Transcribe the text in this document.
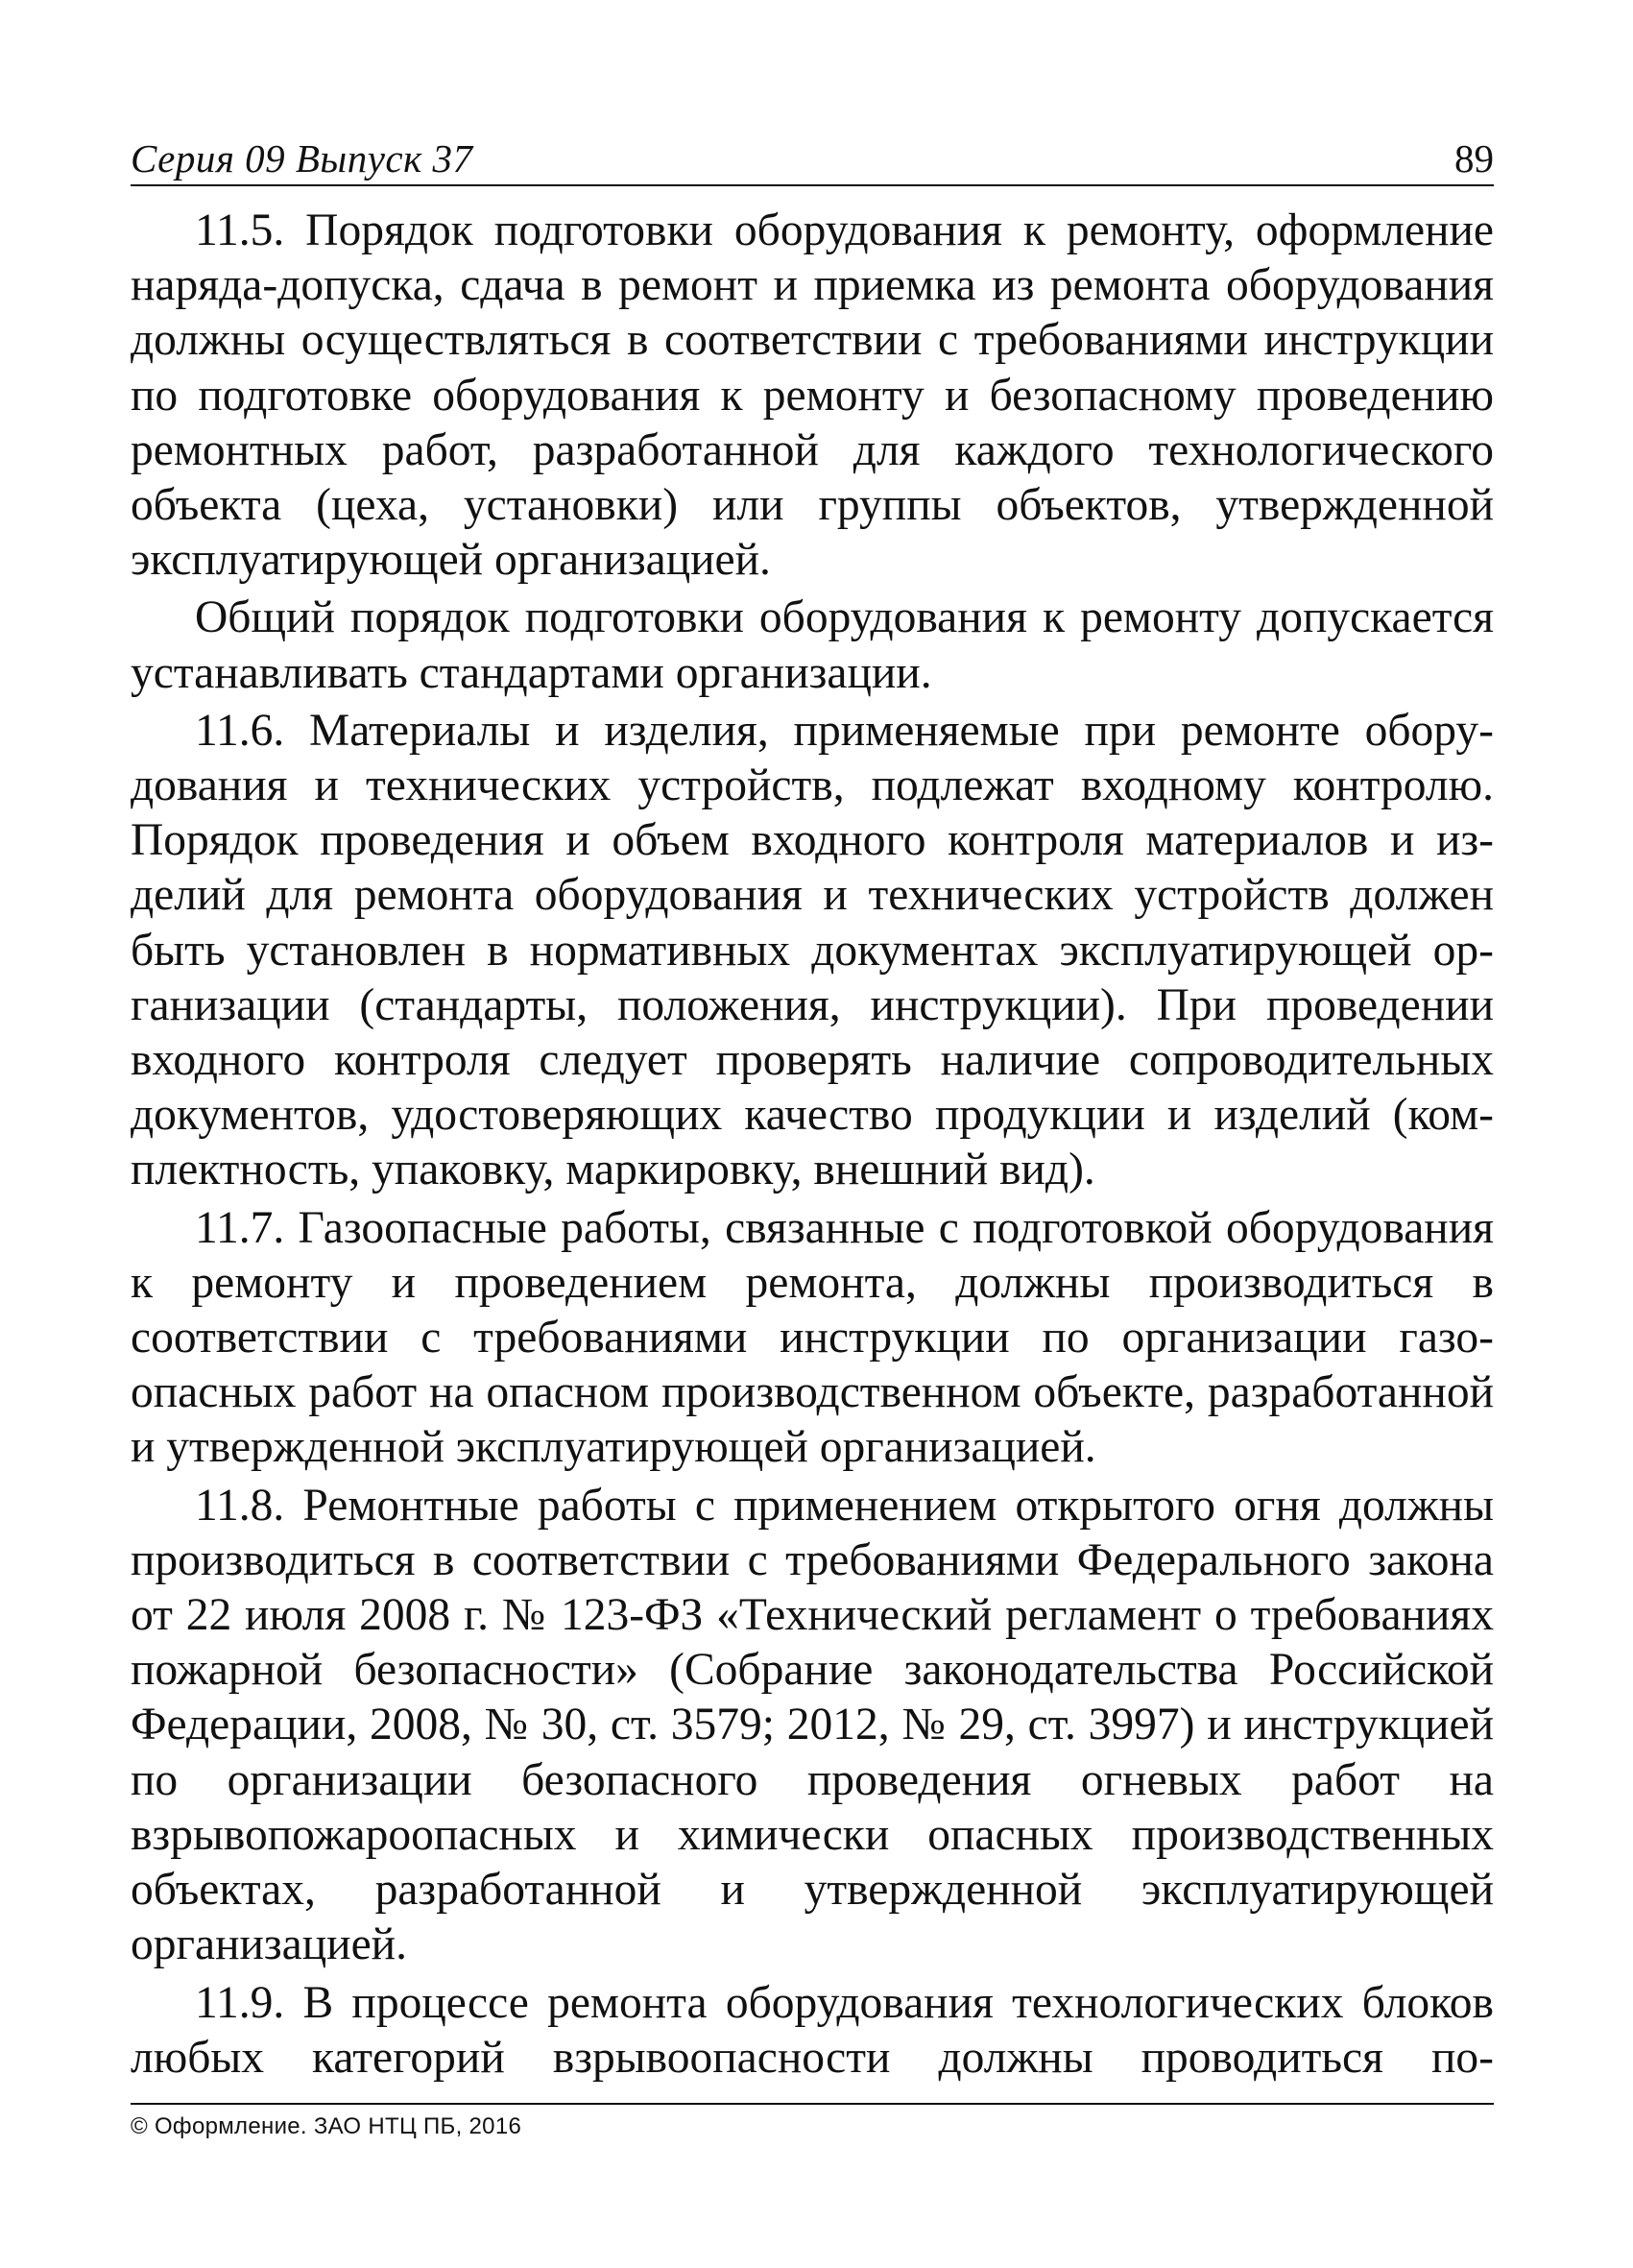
Серия 09 Выпуск 37	89

11.5. Порядок подготовки оборудования к ремонту, оформление наряда-допуска, сдача в ремонт и приемка из ремонта оборудования должны осуществляться в соответствии с требованиями инструкции по подготовке оборудования к ремонту и безопасному проведению ремонтных работ, разработанной для каждого технологического объекта (цеха, установки) или группы объектов, утвержденной эксплуатирующей организацией.

Общий порядок подготовки оборудования к ремонту допускается устанавливать стандартами организации.

11.6. Материалы и изделия, применяемые при ремонте оборудования и технических устройств, подлежат входному контролю. Порядок проведения и объем входного контроля материалов и изделий для ремонта оборудования и технических устройств должен быть установлен в нормативных документах эксплуатирующей организации (стандарты, положения, инструкции). При проведении входного контроля следует проверять наличие сопроводительных документов, удостоверяющих качество продукции и изделий (комплектность, упаковку, маркировку, внешний вид).

11.7. Газоопасные работы, связанные с подготовкой оборудования к ремонту и проведением ремонта, должны производиться в соответствии с требованиями инструкции по организации газоопасных работ на опасном производственном объекте, разработанной и утвержденной эксплуатирующей организацией.

11.8. Ремонтные работы с применением открытого огня должны производиться в соответствии с требованиями Федерального закона от 22 июля 2008 г. № 123-ФЗ «Технический регламент о требованиях пожарной безопасности» (Собрание законодательства Российской Федерации, 2008, № 30, ст. 3579; 2012, № 29, ст. 3997) и инструкцией по организации безопасного проведения огневых работ на взрывопожароопасных и химически опасных производственных объектах, разработанной и утвержденной эксплуатирующей организацией.

11.9. В процессе ремонта оборудования технологических блоков любых категорий взрывоопасности должны проводиться по-

© Оформление. ЗАО НТЦ ПБ, 2016
